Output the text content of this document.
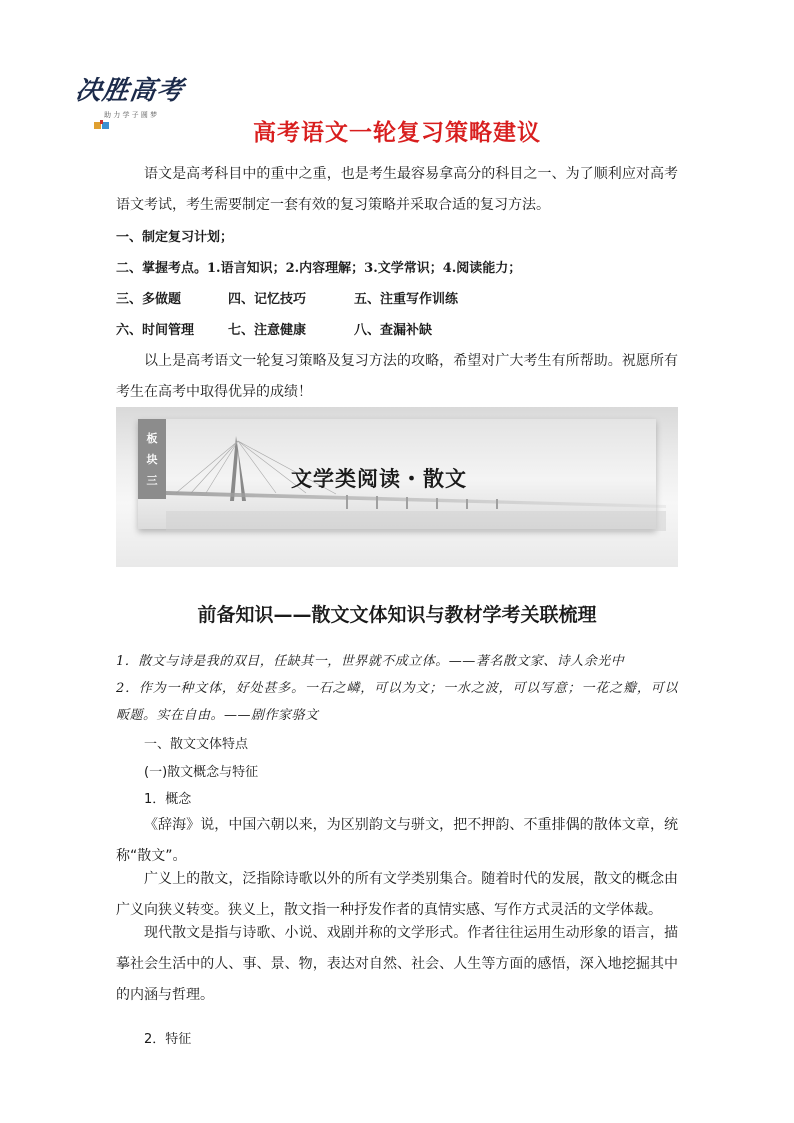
决胜高考
助 力 学 子 圆 梦
高考语文一轮复习策略建议
语文是高考科目中的重中之重，也是考生最容易拿高分的科目之一、为了顺利应对高考语文考试，考生需要制定一套有效的复习策略并采取合适的复习方法。
一、制定复习计划；
二、掌握考点。1.语言知识；2.内容理解；3.文学常识；4.阅读能力；
三、多做题	四、记忆技巧	五、注重写作训练
六、时间管理	七、注意健康	八、查漏补缺
以上是高考语文一轮复习策略及复习方法的攻略，希望对广大考生有所帮助。祝愿所有考生在高考中取得优异的成绩！
板
块
三	文学类阅读・散文
前备知识——散文文体知识与教材学考关联梳理
1．散文与诗是我的双目，任缺其一，世界就不成立体。——著名散文家、诗人余光中
2．作为一种文体，好处甚多。一石之嶙，可以为文；一水之波，可以写意；一花之瓣，可以畈题。实在自由。——剧作家骆文
一、散文文体特点
(一)散文概念与特征
1．概念
《辞海》说，中国六朝以来，为区别韵文与骈文，把不押韵、不重排偶的散体文章，统称“散文”。
广义上的散文，泛指除诗歌以外的所有文学类别集合。随着时代的发展，散文的概念由广义向狭义转变。狭义上，散文指一种抒发作者的真情实感、写作方式灵活的文学体裁。
现代散文是指与诗歌、小说、戏剧并称的文学形式。作者往往运用生动形象的语言，描摹社会生活中的人、事、景、物，表达对自然、社会、人生等方面的感悟，深入地挖掘其中的内涵与哲理。
2．特征
